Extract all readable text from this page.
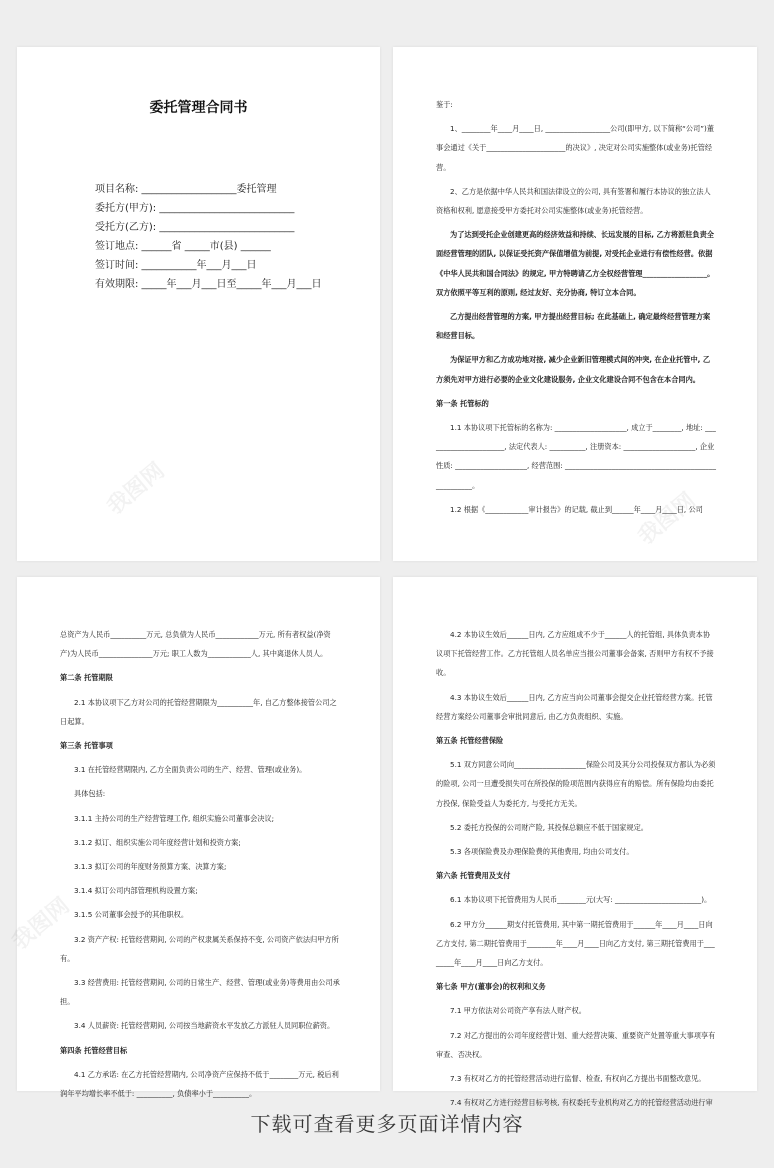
委托管理合同书
项目名称: ___________________委托管理
委托方(甲方): ___________________________
受托方(乙方): ___________________________
签订地点: ______省 _____市(县) ______
签订时间: ___________年___月___日
有效期限: _____年___月___日至_____年___月___日
我图网

鉴于:

1、________年____月____日, __________________公司(即甲方, 以下简称“公司”)董事会通过《关于______________________的决议》, 决定对公司实施整体(或业务)托管经营。

2、乙方是依据中华人民共和国法律设立的公司, 具有签署和履行本协议的独立法人资格和权利, 愿意接受甲方委托对公司实施整体(或业务)托管经营。

为了达到受托企业创建更高的经济效益和持续、长远发展的目标, 乙方将派驻負责全面经营管理的团队, 以保证受托资产保值增值为前提, 对受托企业进行有偿性经营。依据《中华人民共和国合同法》的规定, 甲方特聘请乙方全权经营管理__________________。双方依照平等互利的原则, 经过友好、充分协商, 特订立本合同。

乙方提出经营管理的方案, 甲方提出经营目标; 在此基础上, 确定最终经营管理方案和经营目标。

为保证甲方和乙方成功地对接, 减少企业新旧管理模式间的冲突, 在企业托管中, 乙方须先对甲方进行必要的企业文化建设服务, 企业文化建设合同不包含在本合同内。

第一条 托管标的

1.1 本协议项下托管标的名称为: ____________________, 成立于________, 地址: ______________________, 法定代表人: __________, 注册资本: ____________________, 企业性质: ____________________, 经营范围: ____________________________________________________。

1.2 根据《____________审计报告》的记载, 截止到______年____月____日, 公司

我图网

总资产为人民币__________万元, 总负债为人民币____________万元, 所有者权益(净资产)为人民币_______________万元; 职工人数为____________人, 其中离退休人员人。

第二条 托管期限

2.1 本协议项下乙方对公司的托管经营期限为__________年, 自乙方整体接管公司之日起算。

第三条 托管事项

3.1 在托管经营期限内, 乙方全面负责公司的生产、经营、管理(或业务)。

具体包括:

3.1.1 主持公司的生产经营管理工作, 组织实施公司董事会决议;

3.1.2 拟订、组织实施公司年度经营计划和投资方案;

3.1.3 拟订公司的年度财务预算方案、决算方案;

3.1.4 拟订公司内部管理机构设置方案;

3.1.5 公司董事会授予的其他职权。

3.2 资产产权: 托管经营期间, 公司的产权隶属关系保持不变, 公司资产依法归甲方所有。

3.3 经营费用: 托管经营期间, 公司的日常生产、经营、管理(或业务)等费用由公司承担。

3.4 人员薪资: 托管经营期间, 公司按当地薪资水平发放乙方派驻人员同职位薪资。

第四条 托管经营目标

4.1 乙方承诺: 在乙方托管经营期内, 公司净资产应保持不低于________万元, 税后利润年平均增长率不低于: __________, 负债率小于__________。

我图网

4.2 本协议生效后______日内, 乙方应组成不少于______人的托管组, 具体负责本协议项下托管经营工作。乙方托管组人员名单应当报公司董事会备案, 否则甲方有权不予接收。

4.3 本协议生效后______日内, 乙方应当向公司董事会提交企业托管经营方案。托管经营方案经公司董事会审批同意后, 由乙方负责组织、实施。

第五条 托管经营保险

5.1 双方同意公司向____________________保险公司及其分公司投保双方都认为必须的险项, 公司一旦遭受损失可在所投保的险项范围内获得应有的赔偿。所有保险均由委托方投保, 保险受益人为委托方, 与受托方无关。

5.2 委托方投保的公司财产险, 其投保总额应不低于国家规定。

5.3 各项保险费及办理保险费的其他费用, 均由公司支付。

第六条 托管费用及支付

6.1 本协议项下托管费用为人民币________元(大写: ________________________)。

6.2 甲方分______期支付托管费用, 其中第一期托管费用于______年____月____日向乙方支付, 第二期托管费用于________年____月____日向乙方支付, 第三期托管费用于________年____月____日向乙方支付。

第七条 甲方(董事会)的权利和义务

7.1 甲方依法对公司资产享有法人财产权。

7.2 对乙方提出的公司年度经营计划、重大经营决策、重要资产处置等重大事项享有审查、否决权。

7.3 有权对乙方的托管经营活动进行监督、检查, 有权向乙方提出书面整改意见。

7.4 有权对乙方进行经营目标考核, 有权委托专业机构对乙方的托管经营活动进行审

下载可查看更多页面详情内容
